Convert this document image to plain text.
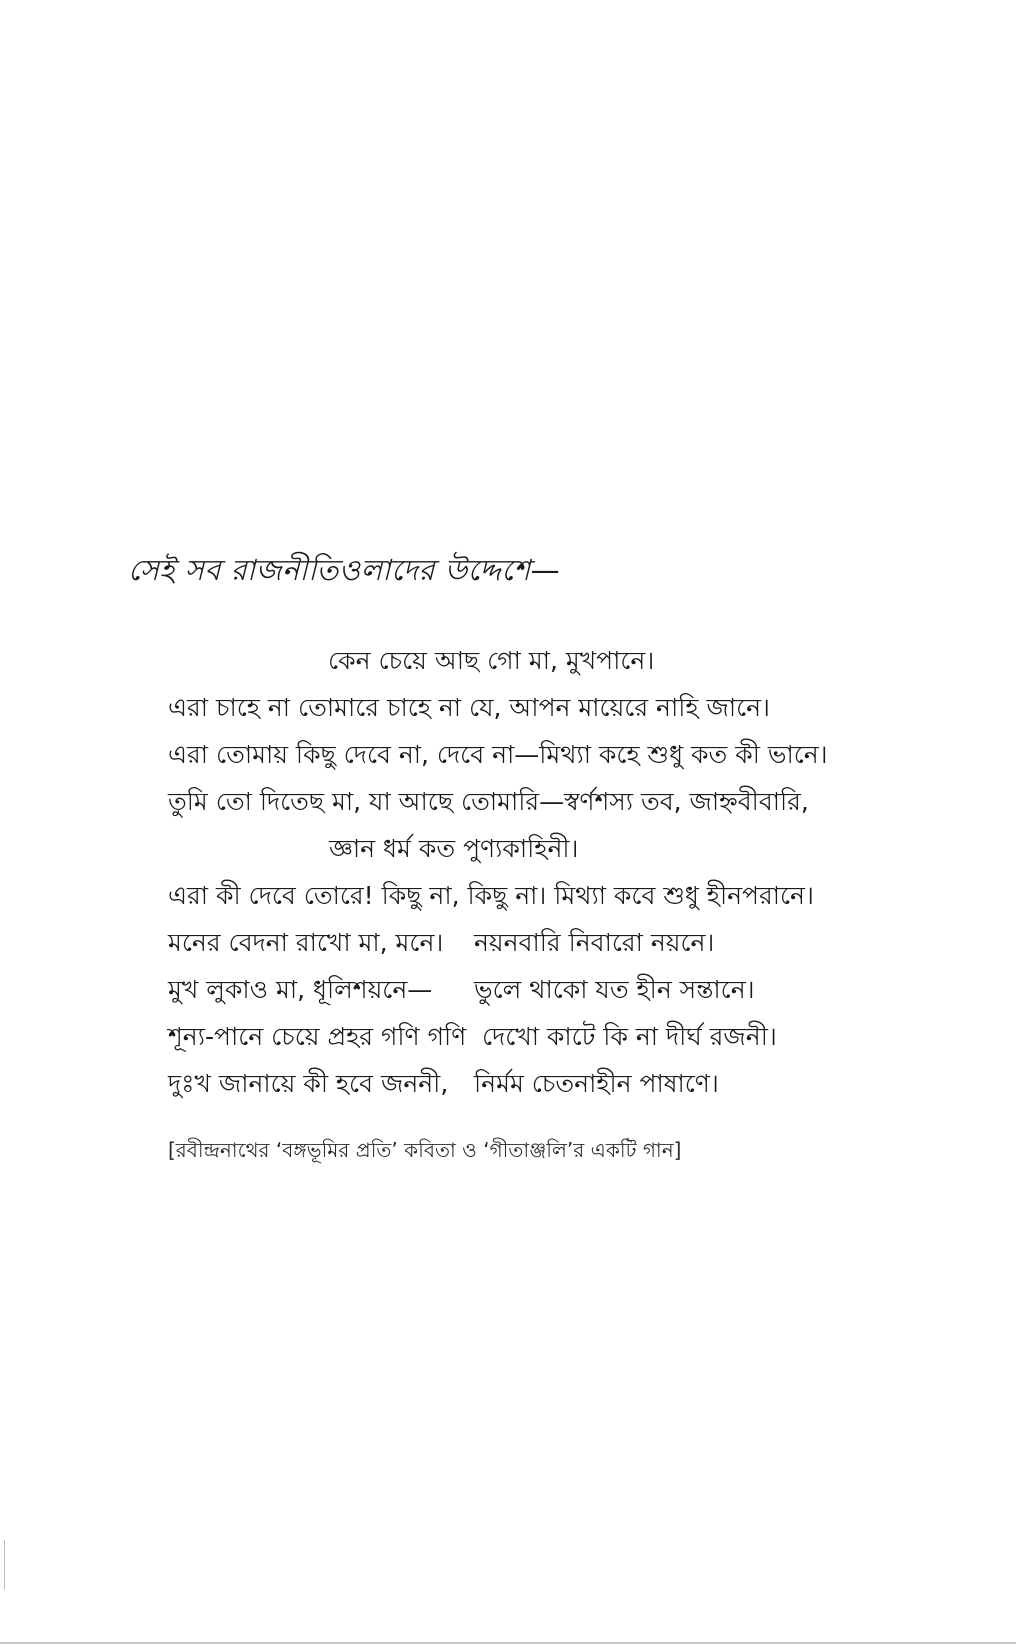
সেই সব রাজনীতিওলাদের উদ্দেশে—
কেন চেয়ে আছ গো মা, মুখপানে।
এরা চাহে না তোমারে চাহে না যে, আপন মায়েরে নাহি জানে।
এরা তোমায় কিছু দেবে না, দেবে না—মিথ্যা কহে শুধু কত কী ভানে।
তুমি তো দিতেছ মা, যা আছে তোমারি—স্বর্ণশস্য তব, জাহ্নবীবারি,
জ্ঞান ধর্ম কত পুণ্যকাহিনী।
এরা কী দেবে তোরে! কিছু না, কিছু না। মিথ্যা কবে শুধু হীনপরানে।
মনের বেদনা রাখো মা, মনে। নয়নবারি নিবারো নয়নে।
মুখ লুকাও মা, ধূলিশয়নে— ভুলে থাকো যত হীন সন্তানে।
শূন্য-পানে চেয়ে প্রহর গণি গণি দেখো কাটে কি না দীর্ঘ রজনী।
দুঃখ জানায়ে কী হবে জননী, নির্মম চেতনাহীন পাষাণে।
[রবীন্দ্রনাথের ‘বঙ্গভূমির প্রতি’ কবিতা ও ‘গীতাঞ্জলি’র একটি গান]
